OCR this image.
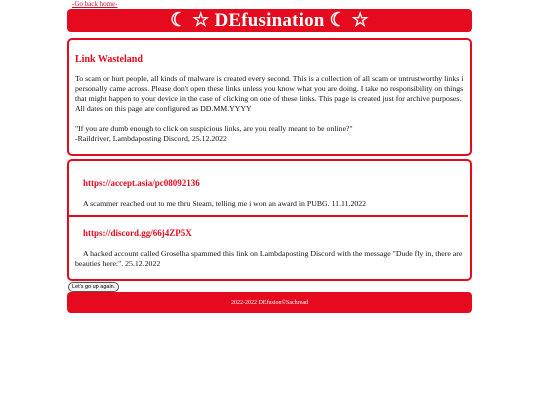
-Go back home-
☾ ☆ DEfusination ☾ ☆
Link Wasteland
To scam or hurt people, all kinds of malware is created every second. This is a collection of all scam or untrustworthy links i personally came across. Please don't open these links unless you know what you are doing. I take no responsibility on things that might happen to your device in the case of clicking on one of these links. This page is created just for archive purposes. All dates on this page are configured as DD.MM.YYYY
"If you are dumb enough to click on suspicious links, are you really meant to be online?"
-Raildriver, Lambdaposting Discord, 25.12.2022
https://accept.asia/pc08092136

A scammer reached out to me thru Steam, telling me i won an award in PUBG. 11.11.2022

https://discord.gg/66j4ZP5X

A hacked account called Groselha spammed this link on Lambdaposting Discord with the message "Dude fly in, there are beauties here:". 25.12.2022

Let's go up again.
2022-2022 DEfusion©Sachread
